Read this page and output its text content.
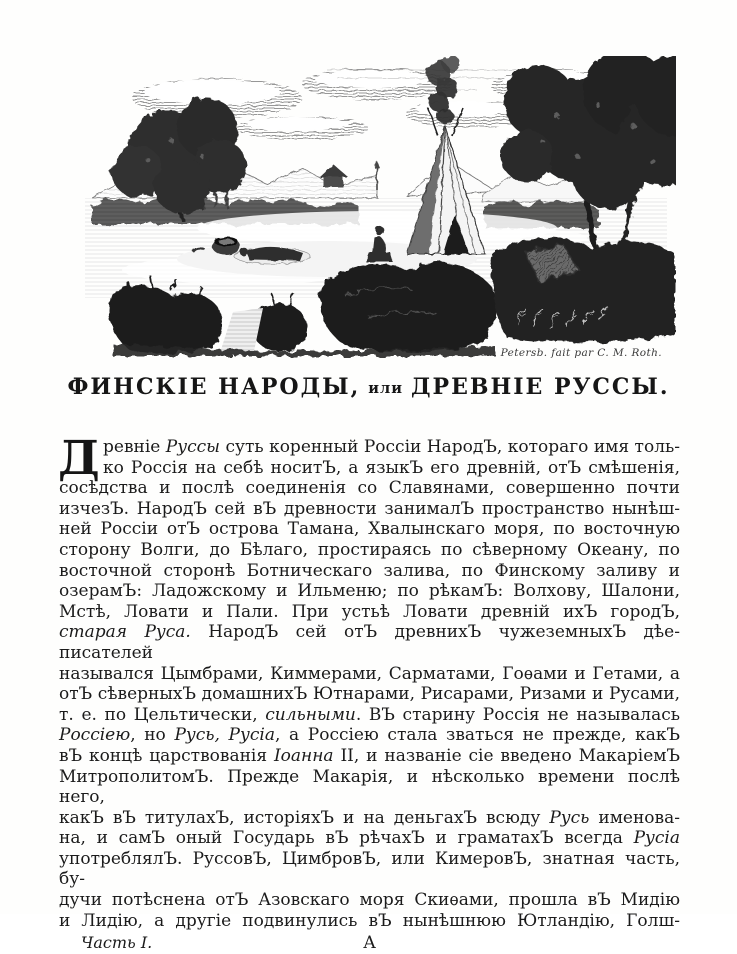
St. Petersb. fait par C. M. Roth.
ФИНСКІЕ НАРОДЫ, или ДРЕВНІЕ РУССЫ.
Д ревніе Руссы суть коренный Россіи НародЪ, котораго имя толь-
ко Россія на себѣ носитЪ, а языкЪ его древній, отЪ смѣшенія,
сосѣдства и послѣ соединенія со Славянами, совершенно почти
изчезЪ. НародЪ сей вЪ древности занималЪ пространство нынѣш-
ней Россіи отЪ острова Тамана, Хвалынскаго моря, по восточную
сторону Волги, до Бѣлаго, простираясь по сѣверному Океану, по
восточной сторонѣ Ботническаго залива, по Финскому заливу и
озерамЪ: Ладожскому и Ильменю; по рѣкамЪ: Волхову, Шалони,
Мстѣ, Ловати и Пали. При устьѣ Ловати древній ихЪ городЪ,
старая Руса. НародЪ сей отЪ древнихЪ чужеземныхЪ дѣе-писателей
назывался Цымбрами, Киммерами, Сарматами, Гоѳами и Гетами, а
отЪ сѣверныхЪ домашнихЪ Ютнарами, Рисарами, Ризами и Русами,
т. е. по Цельтически, сильными. ВЪ старину Россія не называлась
Россіею, но Русь, Русіа, а Россіею стала зваться не прежде, какЪ
вЪ концѣ царствованія Іоанна II, и названіе сіе введено МакаріемЪ
МитрополитомЪ. Прежде Макарія, и нѣсколько времени послѣ него,
какЪ вЪ титулахЪ, исторіяхЪ и на деньгахЪ всюду Русь именова-
на, и самЪ оный Государь вЪ рѣчахЪ и граматахЪ всегда Русіа
употреблялЪ. РуссовЪ, ЦимбровЪ, или КимеровЪ, знатная часть, бу-
дучи потѣснена отЪ Азовскаго моря Скиѳами, прошла вЪ Мидію
и Лидію, а другіе подвинулись вЪ нынѣшнюю Ютландію, Голш-
Часть I.	А
